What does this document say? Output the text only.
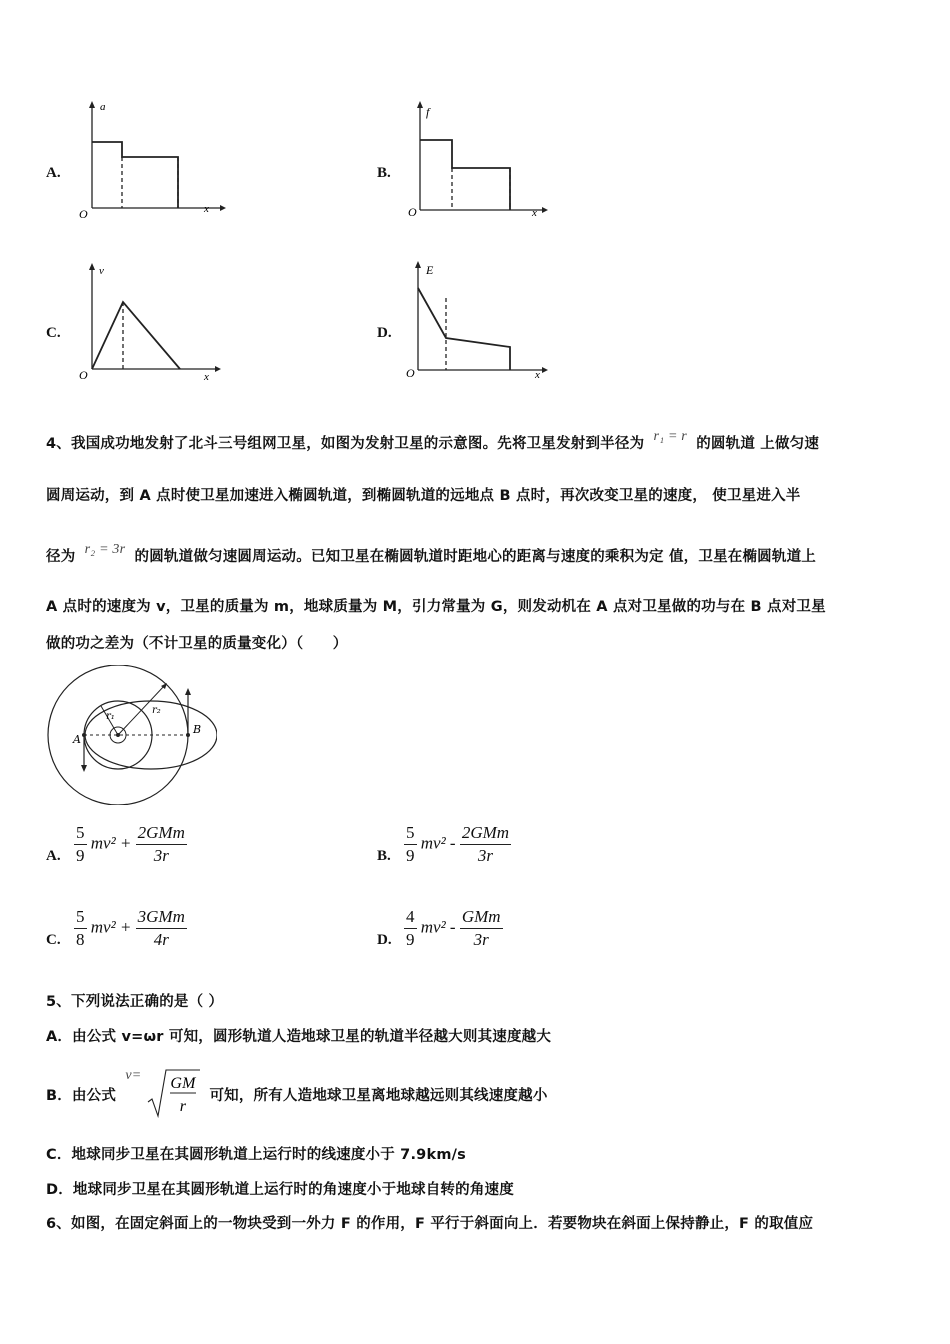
A.
a
x
O
B.
f
x
O
C.
v
x
O
D.
E
x
O
4、我国成功地发射了北斗三号组网卫星，如图为发射卫星的示意图。先将卫星发射到半径为 r₁ = r 的圆轨道 上做匀速
圆周运动，到 A 点时使卫星加速进入椭圆轨道，到椭圆轨道的远地点 B 点时，再次改变卫星的速度， 使卫星进入半
径为 r₂ = 3r 的圆轨道做匀速圆周运动。已知卫星在椭圆轨道时距地心的距离与速度的乘积为定 值，卫星在椭圆轨道上
A 点时的速度为 v，卫星的质量为 m，地球质量为 M，引力常量为 G，则发动机在 A 点对卫星做的功与在 B 点对卫星
做的功之差为（不计卫星的质量变化）（　　）
r₁
r₂
A
B
A. $\frac{5}{9} mv^2 + \frac{\text{2GMm}}{3r}$	B. $\frac{5}{9} mv^2 - \frac{\text{2GMm}}{3r}$
C. $\frac{5}{8} mv^2 + \frac{\text{3GMm}}{4r}$	D. $\frac{4}{9} mv^2 - \frac{\text{GMm}}{3r}$
5、下列说法正确的是（ ）
A．由公式 v=ωr 可知，圆形轨道人造地球卫星的轨道半径越大则其速度越大
B．由公式 v= GM
r
可知，所有人造地球卫星离地球越远则其线速度越小
C．地球同步卫星在其圆形轨道上运行时的线速度小于 7.9km/s
D．地球同步卫星在其圆形轨道上运行时的角速度小于地球自转的角速度
6、如图，在固定斜面上的一物块受到一外力 F 的作用，F 平行于斜面向上．若要物块在斜面上保持静止，F 的取值应
